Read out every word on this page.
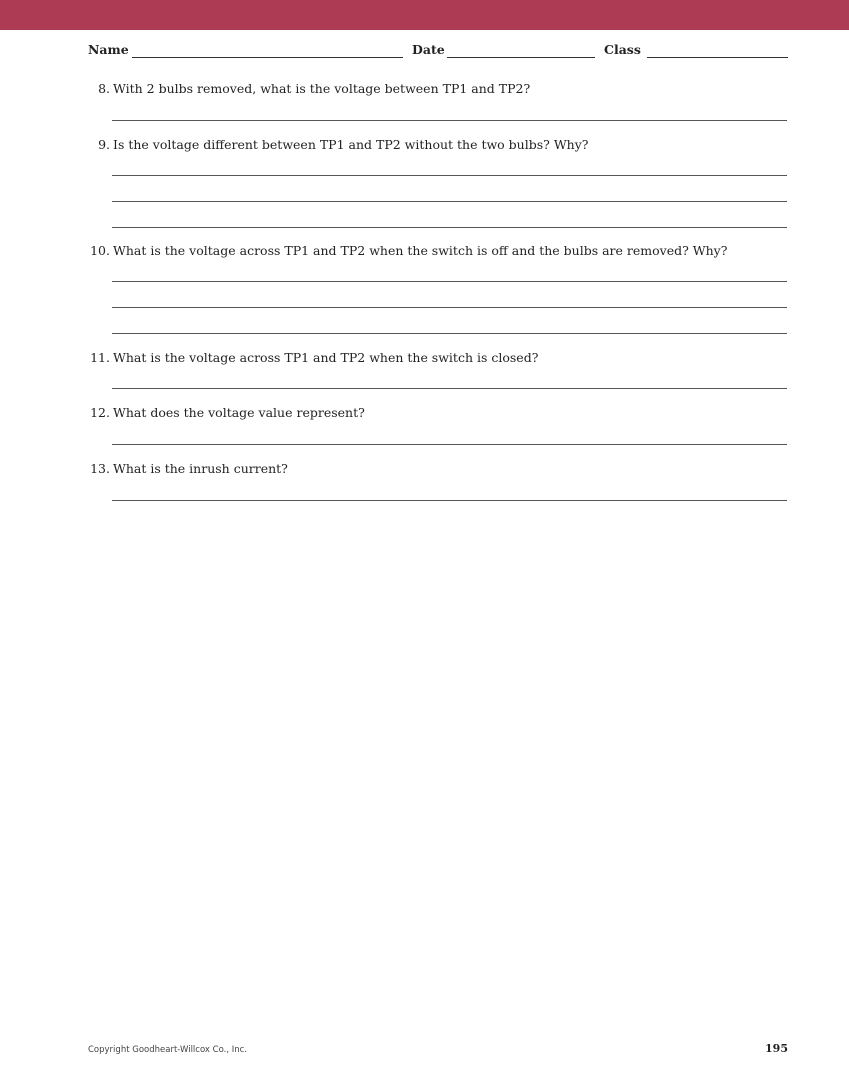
Name	Date	Class
8. With 2 bulbs removed, what is the voltage between TP1 and TP2?
9. Is the voltage different between TP1 and TP2 without the two bulbs? Why?
10. What is the voltage across TP1 and TP2 when the switch is off and the bulbs are removed? Why?
11. What is the voltage across TP1 and TP2 when the switch is closed?
12. What does the voltage value represent?
13. What is the inrush current?
Copyright Goodheart-Willcox Co., Inc.	195
